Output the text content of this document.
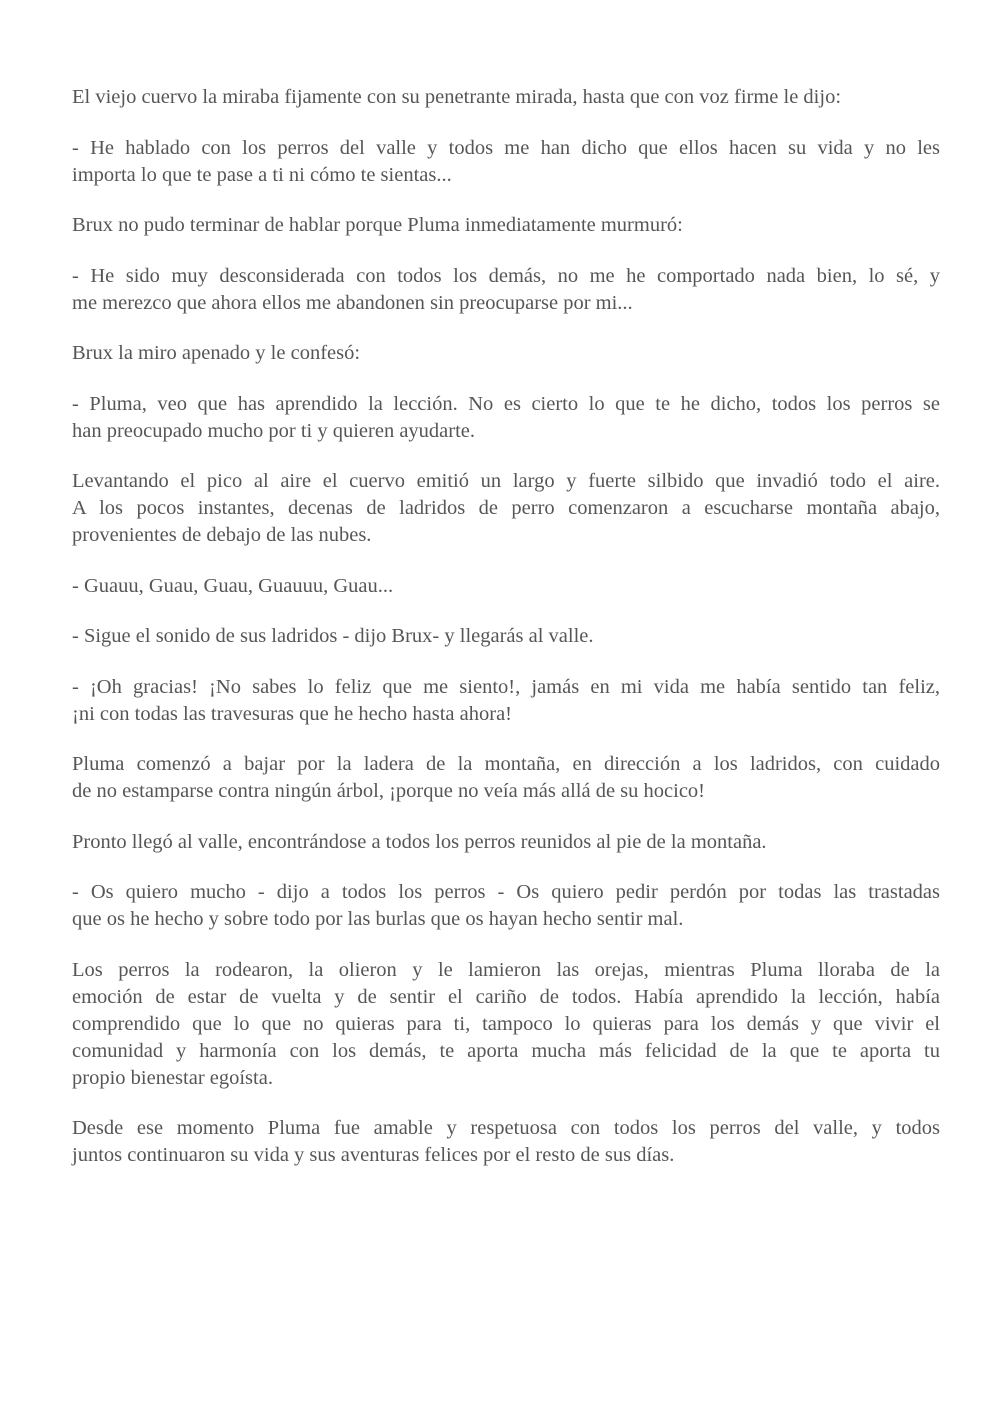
El viejo cuervo la miraba fijamente con su penetrante mirada, hasta que con voz firme le dijo:

- He hablado con los perros del valle y todos me han dicho que ellos hacen su vida y no les
importa lo que te pase a ti ni cómo te sientas...

Brux no pudo terminar de hablar porque Pluma inmediatamente murmuró:

- He sido muy desconsiderada con todos los demás, no me he comportado nada bien, lo sé, y
me merezco que ahora ellos me abandonen sin preocuparse por mi...

Brux la miro apenado y le confesó:

- Pluma, veo que has aprendido la lección. No es cierto lo que te he dicho, todos los perros se
han preocupado mucho por ti y quieren ayudarte.

Levantando el pico al aire el cuervo emitió un largo y fuerte silbido que invadió todo el aire.
A los pocos instantes, decenas de ladridos de perro comenzaron a escucharse montaña abajo,
provenientes de debajo de las nubes.

- Guauu, Guau, Guau, Guauuu, Guau...

- Sigue el sonido de sus ladridos - dijo Brux- y llegarás al valle.

- ¡Oh gracias! ¡No sabes lo feliz que me siento!, jamás en mi vida me había sentido tan feliz,
¡ni con todas las travesuras que he hecho hasta ahora!

Pluma comenzó a bajar por la ladera de la montaña, en dirección a los ladridos, con cuidado
de no estamparse contra ningún árbol, ¡porque no veía más allá de su hocico!

Pronto llegó al valle, encontrándose a todos los perros reunidos al pie de la montaña.

- Os quiero mucho - dijo a todos los perros - Os quiero pedir perdón por todas las trastadas
que os he hecho y sobre todo por las burlas que os hayan hecho sentir mal.

Los perros la rodearon, la olieron y le lamieron las orejas, mientras Pluma lloraba de la
emoción de estar de vuelta y de sentir el cariño de todos. Había aprendido la lección, había
comprendido que lo que no quieras para ti, tampoco lo quieras para los demás y que vivir el
comunidad y harmonía con los demás, te aporta mucha más felicidad de la que te aporta tu
propio bienestar egoísta.

Desde ese momento Pluma fue amable y respetuosa con todos los perros del valle, y todos
juntos continuaron su vida y sus aventuras felices por el resto de sus días.
